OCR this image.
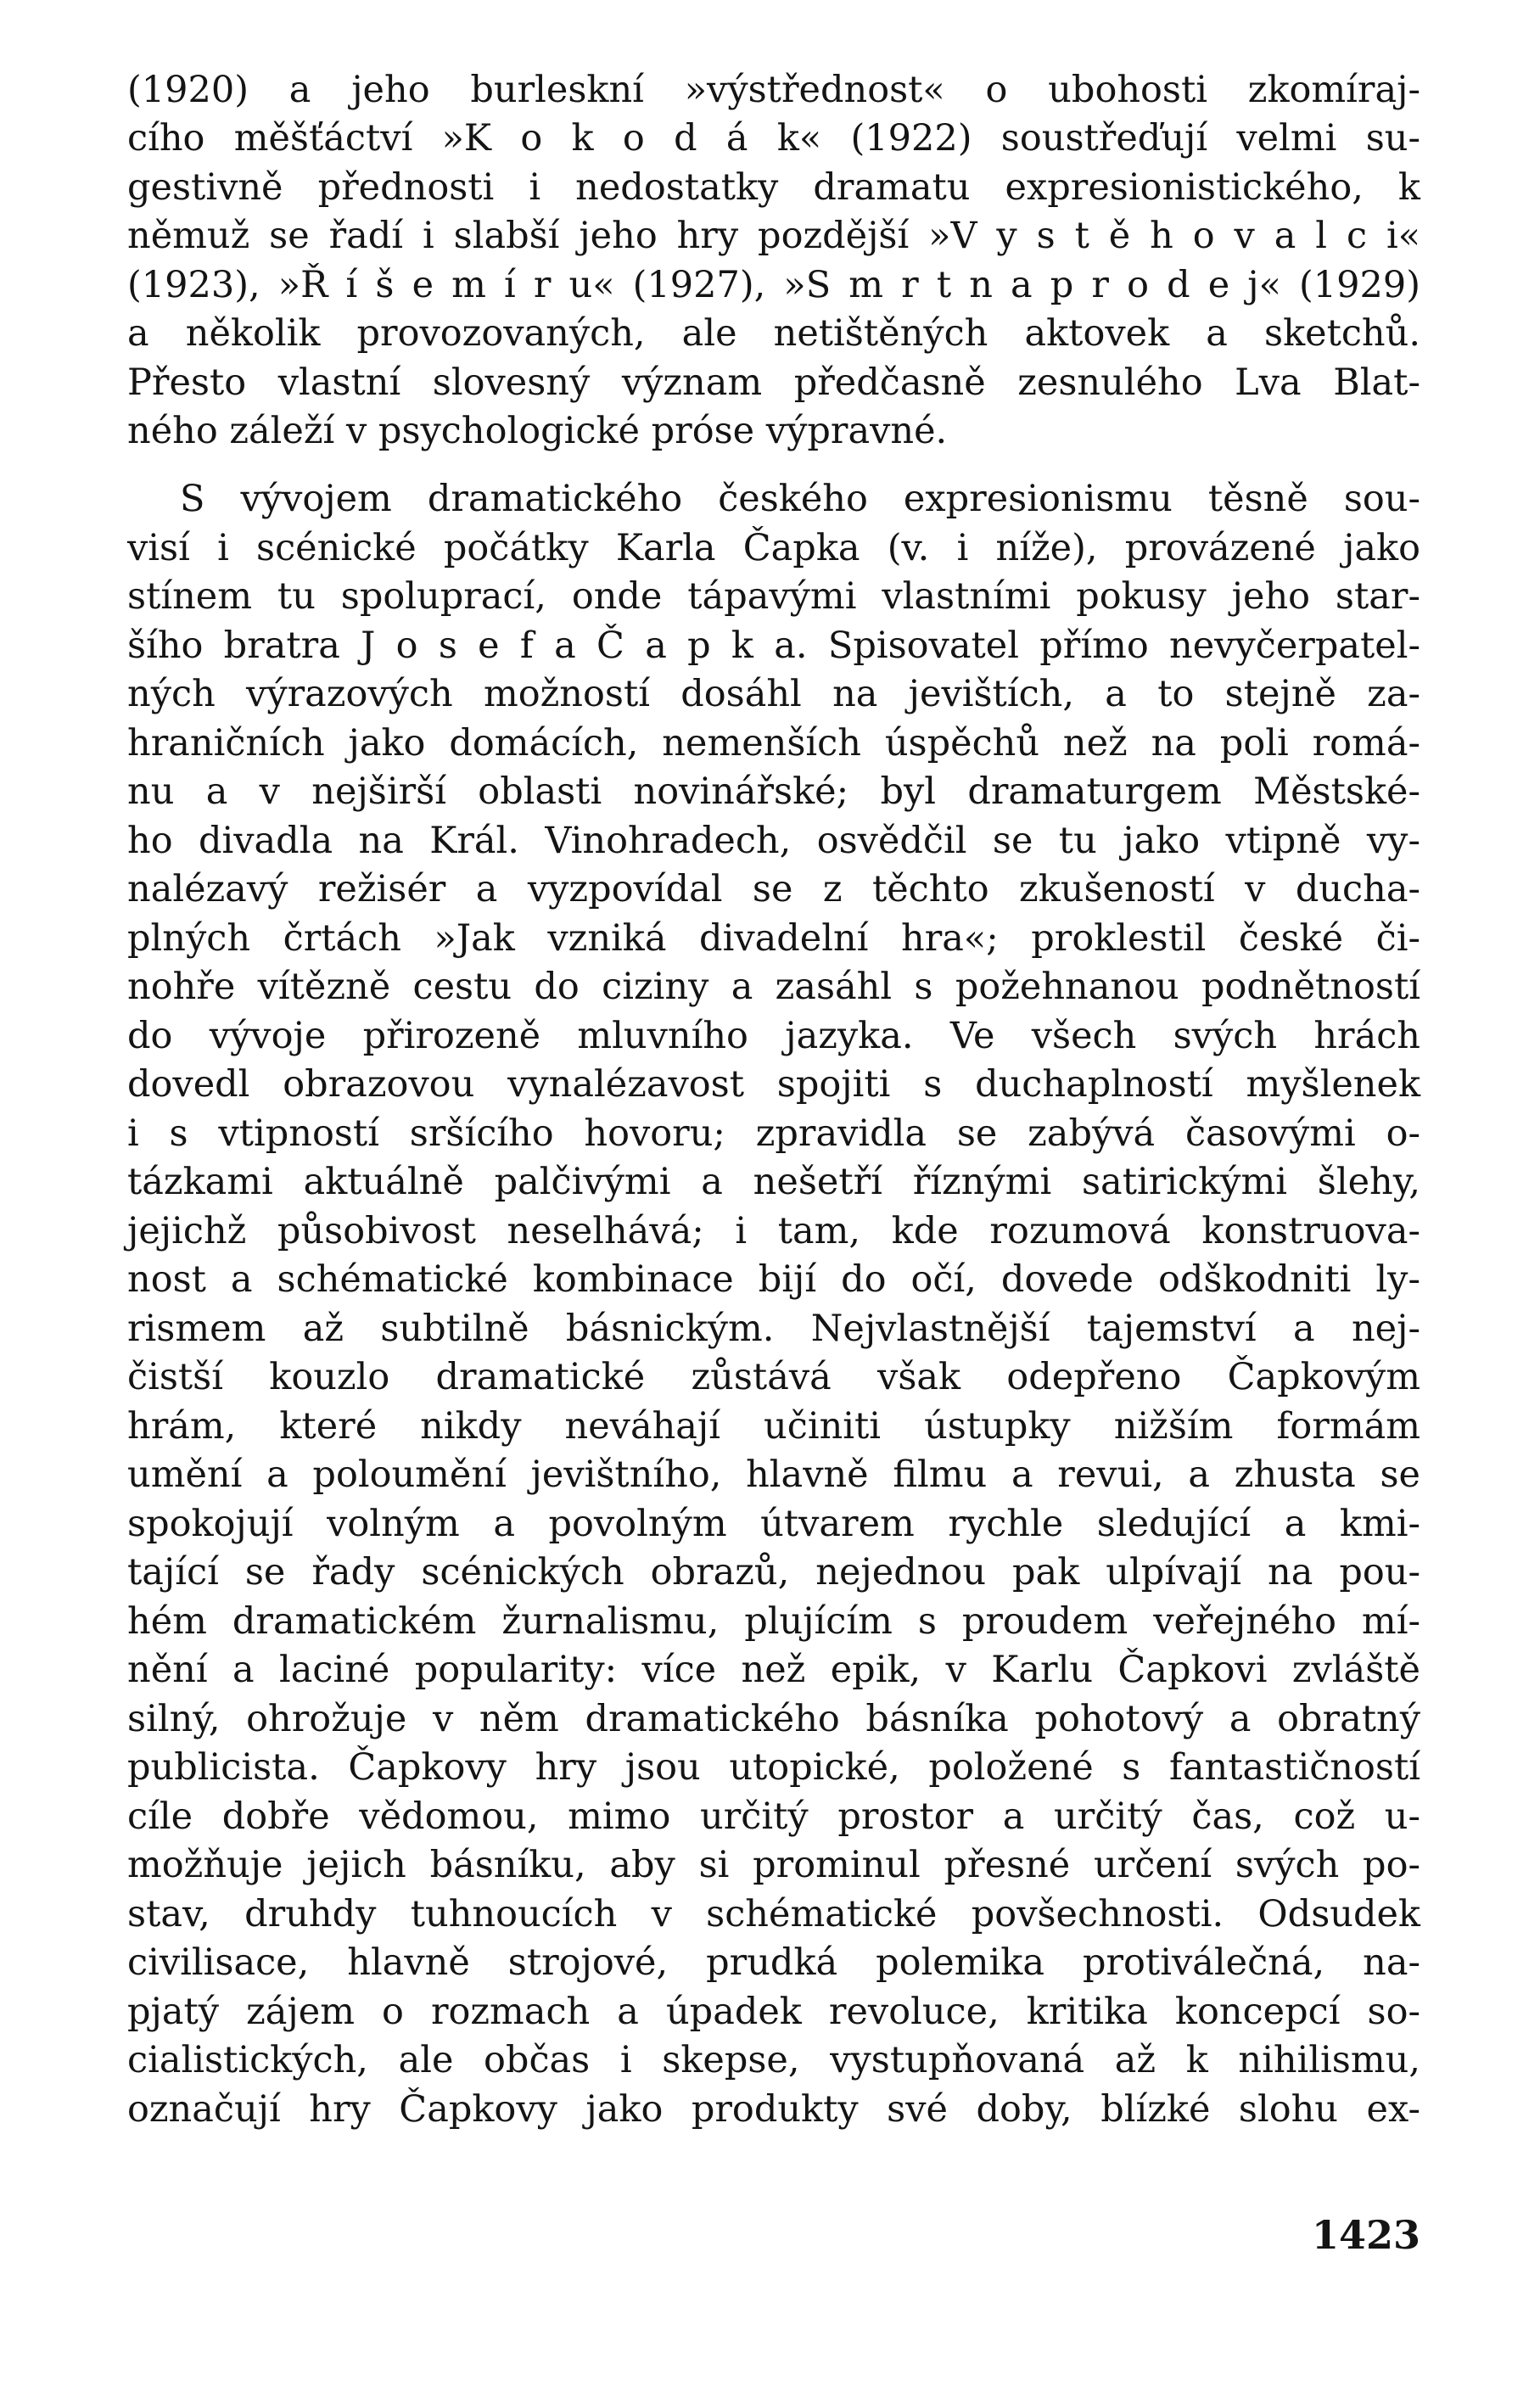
(1920) a jeho burleskní »výstřednost« o ubohosti zkomíraj-
cího měšťáctví »K o k o d á k« (1922) soustřeďují velmi su-
gestivně přednosti i nedostatky dramatu expresionistického, k
němuž se řadí i slabší jeho hry pozdější »V y s t ě h o v a l c i«
(1923), »Ř í š e m í r u« (1927), »S m r t n a p r o d e j« (1929)
a několik provozovaných, ale netištěných aktovek a sketchů.
Přesto vlastní slovesný význam předčasně zesnulého Lva Blat-
ného záleží v psychologické próse výpravné.
S vývojem dramatického českého expresionismu těsně sou-
visí i scénické počátky Karla Čapka (v. i níže), provázené jako
stínem tu spoluprací, onde tápavými vlastními pokusy jeho star-
šího bratra J o s e f a Č a p k a. Spisovatel přímo nevyčerpatel-
ných výrazových možností dosáhl na jevištích, a to stejně za-
hraničních jako domácích, nemenších úspěchů než na poli romá-
nu a v nejširší oblasti novinářské; byl dramaturgem Městské-
ho divadla na Král. Vinohradech, osvědčil se tu jako vtipně vy-
nalézavý režisér a vyzpovídal se z těchto zkušeností v ducha-
plných črtách »Jak vzniká divadelní hra«; proklestil české či-
nohře vítězně cestu do ciziny a zasáhl s požehnanou podnětností
do vývoje přirozeně mluvního jazyka. Ve všech svých hrách
dovedl obrazovou vynalézavost spojiti s duchaplností myšlenek
i s vtipností sršícího hovoru; zpravidla se zabývá časovými o-
tázkami aktuálně palčivými a nešetří říznými satirickými šlehy,
jejichž působivost neselhává; i tam, kde rozumová konstruova-
nost a schématické kombinace bijí do očí, dovede odškodniti ly-
rismem až subtilně básnickým. Nejvlastnější tajemství a nej-
čistší kouzlo dramatické zůstává však odepřeno Čapkovým
hrám, které nikdy neváhají učiniti ústupky nižším formám
umění a poloumění jevištního, hlavně filmu a revui, a zhusta se
spokojují volným a povolným útvarem rychle sledující a kmi-
tající se řady scénických obrazů, nejednou pak ulpívají na pou-
hém dramatickém žurnalismu, plujícím s proudem veřejného mí-
nění a laciné popularity: více než epik, v Karlu Čapkovi zvláště
silný, ohrožuje v něm dramatického básníka pohotový a obratný
publicista. Čapkovy hry jsou utopické, položené s fantastičností
cíle dobře vědomou, mimo určitý prostor a určitý čas, což u-
možňuje jejich básníku, aby si prominul přesné určení svých po-
stav, druhdy tuhnoucích v schématické povšechnosti. Odsudek
civilisace, hlavně strojové, prudká polemika protiválečná, na-
pjatý zájem o rozmach a úpadek revoluce, kritika koncepcí so-
cialistických, ale občas i skepse, vystupňovaná až k nihilismu,
označují hry Čapkovy jako produkty své doby, blízké slohu ex-
1423
